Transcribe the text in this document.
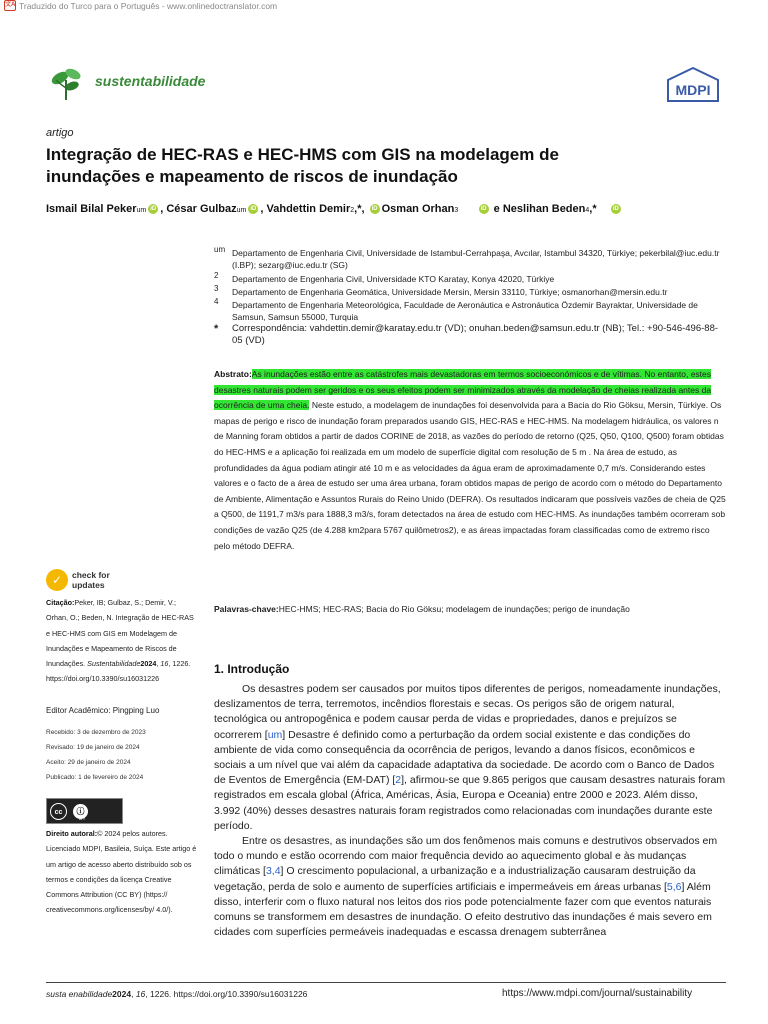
文A Traduzido do Turco para o Português - www.onlinedoctranslator.com
sustentabilidade
MDPI
artigo
Integração de HEC-RAS e HEC-HMS com GIS na modelagem de inundações e mapeamento de riscos de inundação
Ismail Bilal Pekerum iD , César Gulbazum iD , Vahdettin Demir2,*, iD Osman Orhan3	iD e Neslihan Beden4,*	iD
um Departamento de Engenharia Civil, Universidade de Istambul-Cerrahpaşa, Avcılar, Istambul 34320, Türkiye; pekerbilal@iuc.edu.tr (I.BP); sezarg@iuc.edu.tr (SG)
2	Departamento de Engenharia Civil, Universidade KTO Karatay, Konya 42020, Türkiye
3	Departamento de Engenharia Geomática, Universidade Mersin, Mersin 33110, Türkiye; osmanorhan@mersin.edu.tr
4	Departamento de Engenharia Meteorológica, Faculdade de Aeronáutica e Astronáutica Özdemir Bayraktar, Universidade de Samsun, Samsun 55000, Turquia
*	Correspondência: vahdettin.demir@karatay.edu.tr (VD); onuhan.beden@samsun.edu.tr (NB); Tel.: +90-546-496-88-05 (VD)
Abstrato:As inundações estão entre as catástrofes mais devastadoras em termos socioeconómicos e de vítimas. No entanto, estes desastres naturais podem ser geridos e os seus efeitos podem ser minimizados através da modelação de cheias realizada antes da ocorrência de uma cheia. Neste estudo, a modelagem de inundações foi desenvolvida para a Bacia do Rio Göksu, Mersin, Türkiye. Os mapas de perigo e risco de inundação foram preparados usando GIS, HEC-RAS e HEC-HMS. Na modelagem hidráulica, os valores n de Manning foram obtidos a partir de dados CORINE de 2018, as vazões do período de retorno (Q25, Q50, Q100, Q500) foram obtidas do HEC-HMS e a aplicação foi realizada em um modelo de superfície digital com resolução de 5 m . Na área de estudo, as profundidades da água podiam atingir até 10 m e as velocidades da água eram de aproximadamente 0,7 m/s. Considerando estes valores e o facto de a área de estudo ser uma área urbana, foram obtidos mapas de perigo de acordo com o método do Departamento de Ambiente, Alimentação e Assuntos Rurais do Reino Unido (DEFRA). Os resultados indicaram que possíveis vazões de cheia de Q25 a Q500, de 1191,7 m3/s para 1888,3 m3/s, foram detectados na área de estudo com HEC-HMS. As inundações também ocorreram sob condições de vazão Q25 (de 4.288 km2para 5767 quilômetros2), e as áreas impactadas foram classificadas como de extremo risco pelo método DEFRA.
Palavras-chave:HEC-HMS; HEC-RAS; Bacia do Rio Göksu; modelagem de inundações; perigo de inundação
1. Introdução

Os desastres podem ser causados por muitos tipos diferentes de perigos, nomeadamente inundações, deslizamentos de terra, terremotos, incêndios florestais e secas. Os perigos são de origem natural, tecnológica ou antropogênica e podem causar perda de vidas e propriedades, danos e prejuízos se ocorrerem [um] Desastre é definido como a perturbação da ordem social existente e das condições do ambiente de vida como consequência da ocorrência de perigos, levando a danos físicos, econômicos e sociais a um nível que vai além da capacidade adaptativa da sociedade. De acordo com o Banco de Dados de Eventos de Emergência (EM-DAT) [2], afirmou-se que 9.865 perigos que causam desastres naturais foram registrados em escala global (África, Américas, Ásia, Europa e Oceania) entre 2000 e 2023. Além disso, 3.992 (40%) desses desastres naturais foram registrados como relacionadas com inundações durante este período.

Entre os desastres, as inundações são um dos fenômenos mais comuns e destrutivos observados em todo o mundo e estão ocorrendo com maior frequência devido ao aquecimento global e às mudanças climáticas [3,4] O crescimento populacional, a urbanização e a industrialização causaram destruição da vegetação, perda de solo e aumento de superfícies artificiais e impermeáveis em áreas urbanas [5,6] Além disso, interferir com o fluxo natural nos leitos dos rios pode potencialmente fazer com que eventos naturais comuns se transformem em desastres de inundação. O efeito destrutivo das inundações é mais severo em cidades com superfícies permeáveis inadequadas e escassa drenagem subterrânea

✓	check for
updates
Citação:Peker, IB; Gulbaz, S.; Demir, V.; Orhan, O.; Beden, N. Integração de HEC-RAS e HEC-HMS com GIS em Modelagem de Inundações e Mapeamento de Riscos de Inundações. Sustentabilidade2024, 16, 1226. https://doi.org/10.3390/su16031226
Editor Acadêmico: Pingping Luo
Recebido: 3 de dezembro de 2023
Revisado: 19 de janeiro de 2024
Aceito: 29 de janeiro de 2024
Publicado: 1 de fevereiro de 2024
cc	ⓘ
BY
Direito autoral:© 2024 pelos autores. Licenciado MDPI, Basileia, Suíça. Este artigo é um artigo de acesso aberto distribuído sob os termos e condições da licença Creative Commons Attribution (CC BY) (https:// creativecommons.org/licenses/by/ 4.0/).
susta enabilidade2024, 16, 1226. https://doi.org/10.3390/su16031226	https://www.mdpi.com/journal/sustainability
